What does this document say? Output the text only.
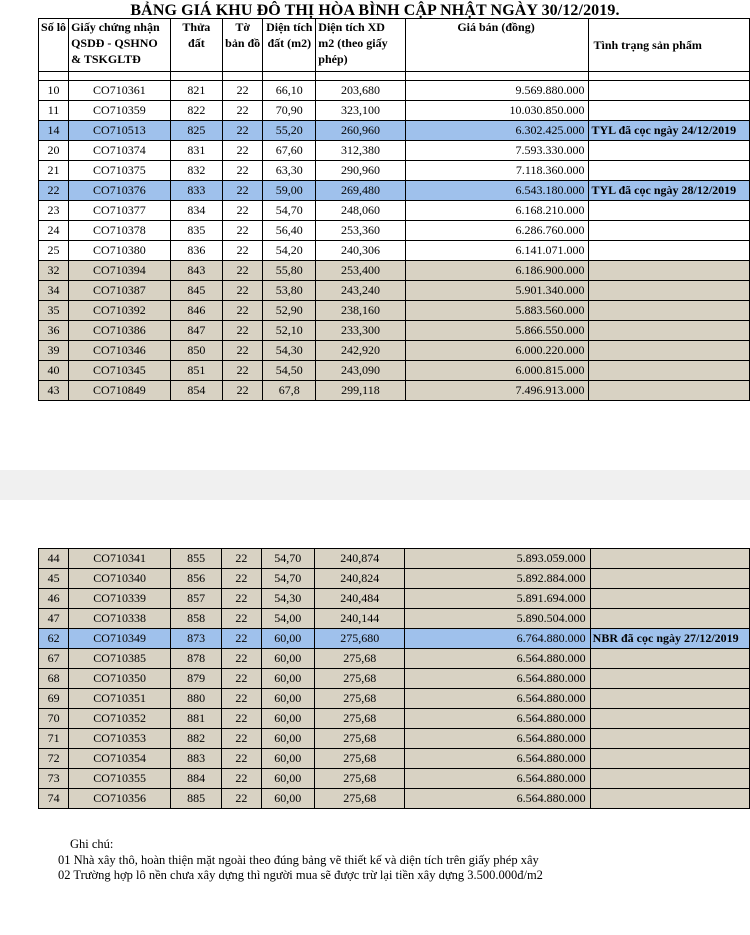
BẢNG GIÁ KHU ĐÔ THỊ HÒA BÌNH CẬP NHẬT NGÀY 30/12/2019.
Số lô	Giấy chứng nhận QSDĐ - QSHNO & TSKGLTĐ	Thửa đất	Tờ bản đồ	Diện tích đất (m2)	Diện tích XD m2 (theo giấy phép)	Giá bán (đồng)	Tình trạng sản phẩm

10	CO710361	821	22	66,10	203,680	9.569.880.000	
11	CO710359	822	22	70,90	323,100	10.030.850.000	
14	CO710513	825	22	55,20	260,960	6.302.425.000	TYL đã cọc ngày 24/12/2019
20	CO710374	831	22	67,60	312,380	7.593.330.000	
21	CO710375	832	22	63,30	290,960	7.118.360.000	
22	CO710376	833	22	59,00	269,480	6.543.180.000	TYL đã cọc ngày 28/12/2019
23	CO710377	834	22	54,70	248,060	6.168.210.000	
24	CO710378	835	22	56,40	253,360	6.286.760.000	
25	CO710380	836	22	54,20	240,306	6.141.071.000	
32	CO710394	843	22	55,80	253,400	6.186.900.000	
34	CO710387	845	22	53,80	243,240	5.901.340.000	
35	CO710392	846	22	52,90	238,160	5.883.560.000	
36	CO710386	847	22	52,10	233,300	5.866.550.000	
39	CO710346	850	22	54,30	242,920	6.000.220.000	
40	CO710345	851	22	54,50	243,090	6.000.815.000	
43	CO710849	854	22	67,8	299,118	7.496.913.000	
44	CO710341	855	22	54,70	240,874	5.893.059.000	
45	CO710340	856	22	54,70	240,824	5.892.884.000	
46	CO710339	857	22	54,30	240,484	5.891.694.000	
47	CO710338	858	22	54,00	240,144	5.890.504.000	
62	CO710349	873	22	60,00	275,680	6.764.880.000	NBR đã cọc ngày 27/12/2019
67	CO710385	878	22	60,00	275,68	6.564.880.000	
68	CO710350	879	22	60,00	275,68	6.564.880.000	
69	CO710351	880	22	60,00	275,68	6.564.880.000	
70	CO710352	881	22	60,00	275,68	6.564.880.000	
71	CO710353	882	22	60,00	275,68	6.564.880.000	
72	CO710354	883	22	60,00	275,68	6.564.880.000	
73	CO710355	884	22	60,00	275,68	6.564.880.000	
74	CO710356	885	22	60,00	275,68	6.564.880.000	
Ghi chú:
01 Nhà xây thô, hoàn thiện mặt ngoài theo đúng bảng vẽ thiết kế và diện tích trên giấy phép xây
02 Trường hợp lô nền chưa xây dựng thì người mua sẽ được trừ lại tiền xây dựng 3.500.000đ/m2
